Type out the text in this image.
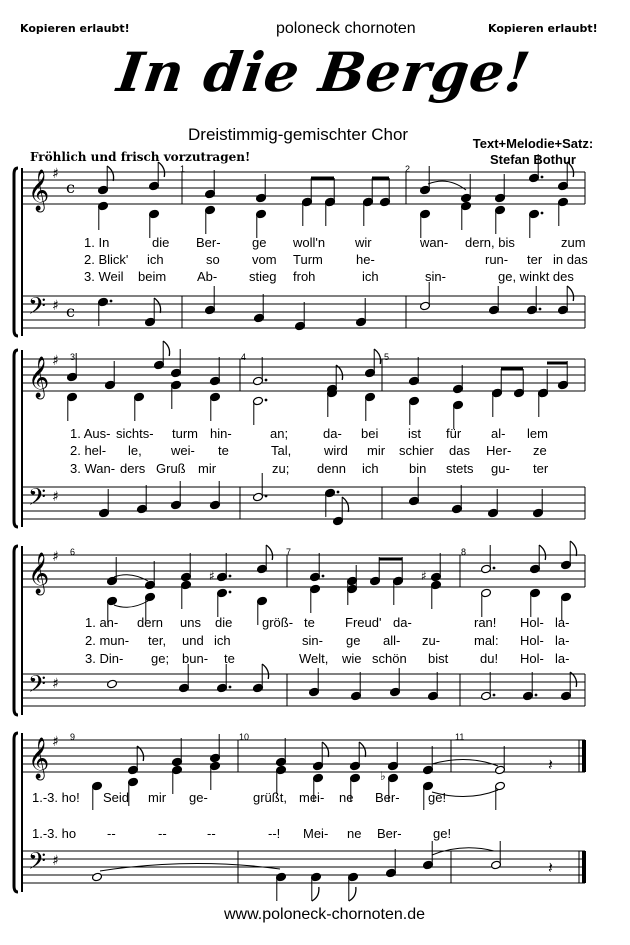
Kopieren erlaubt!	poloneck chornoten	Kopieren erlaubt!
In die Berge!
Dreistimmig-gemischter Chor	Text+Melodie+Satz:
Stefan Bothur
Fröhlich und frisch vorzutragen!
𝄞
𝄢
♯
♯
c
c
𝄞
𝄢
♯
♯
𝄞
𝄢
♯
♯
𝄞
𝄢
♯
♯
♯	♯
♭
𝄽
𝄽
1	2
1. In	die Ber- ge woll'n wir	wan- dern, bis	zum
2. Blick' ich	so vom Turm	he-	run- ter in das
3. Weil beim Ab- stieg froh	ich	sin-	ge, winkt des
3	4	5
1. Aus- sichts- turm hin-	an;	da- bei ist für al- lem
2. hel- le, wei- te	Tal,	wird mir schier das Her- ze
3. Wan- ders Gruß mir	zu; denn ich bin stets gu- ter
6	7	8
1. an- dern uns die größ- te Freud' da-	ran! Hol- la-
2. mun- ter, und ich	sin- ge all- zu-	mal: Hol- la-
3. Din- ge; bun- te	Welt, wie schön bist du! Hol- la-
9	10	11
1.-3. ho! Seid mir ge-	grüßt, mei- ne Ber- ge!
1.-3. ho --	--	--	--! Mei- ne Ber- ge!
www.poloneck-chornoten.de
